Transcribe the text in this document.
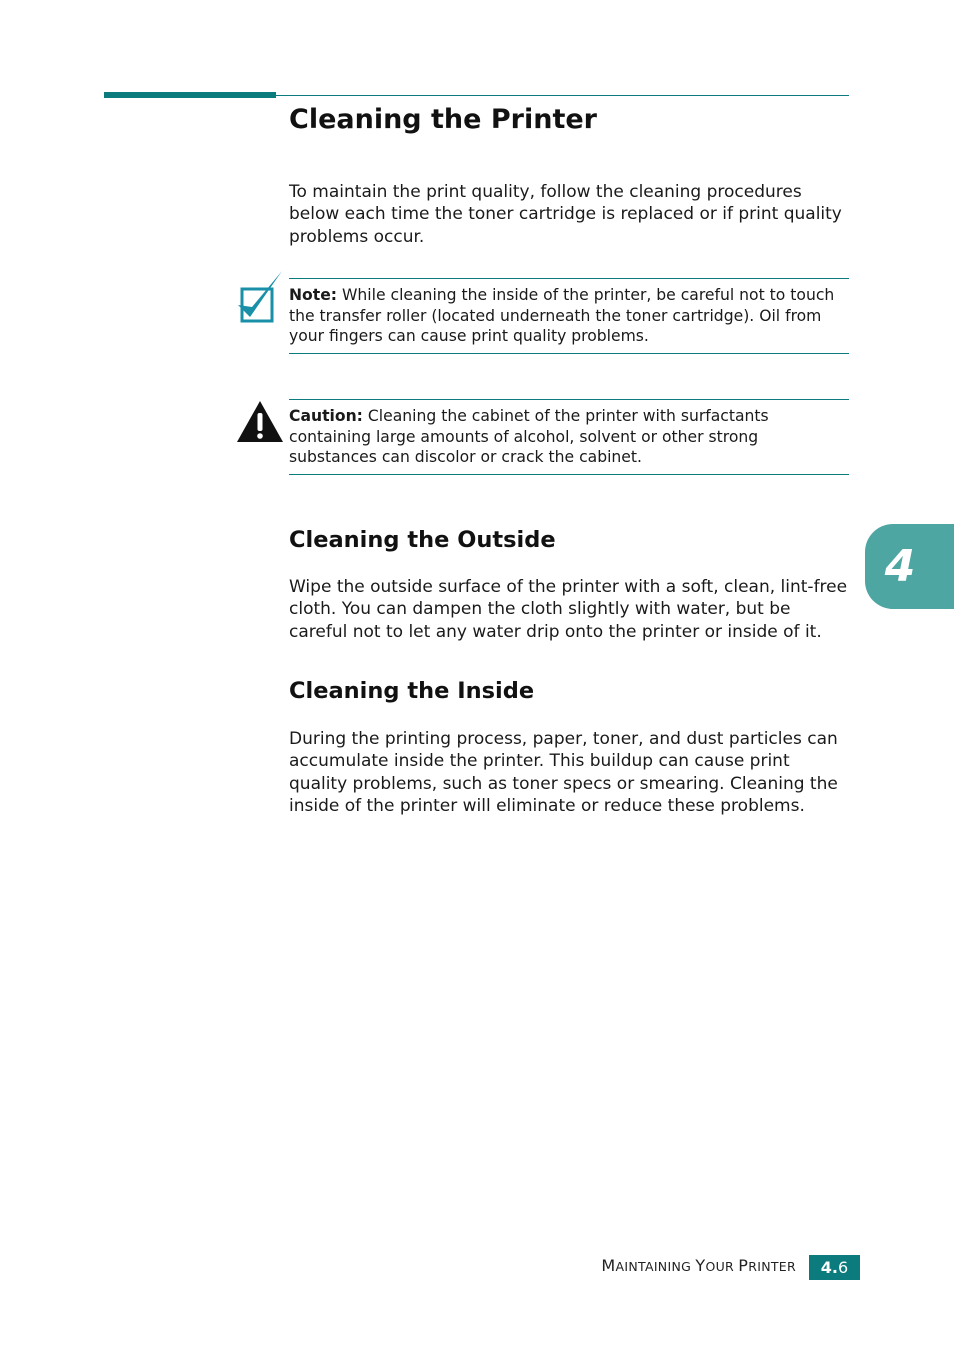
Cleaning the Printer

To maintain the print quality, follow the cleaning procedures below each time the toner cartridge is replaced or if print quality problems occur.

Note: While cleaning the inside of the printer, be careful not to touch the transfer roller (located underneath the toner cartridge). Oil from your fingers can cause print quality problems.
Caution: Cleaning the cabinet of the printer with surfactants containing large amounts of alcohol, solvent or other strong substances can discolor or crack the cabinet.
Cleaning the Outside

Wipe the outside surface of the printer with a soft, clean, lint-free cloth. You can dampen the cloth slightly with water, but be careful not to let any water drip onto the printer or inside of it.

Cleaning the Inside

During the printing process, paper, toner, and dust particles can accumulate inside the printer. This buildup can cause print quality problems, such as toner specs or smearing. Cleaning the inside of the printer will eliminate or reduce these problems.

4
MAINTAINING YOUR PRINTER	4.6
